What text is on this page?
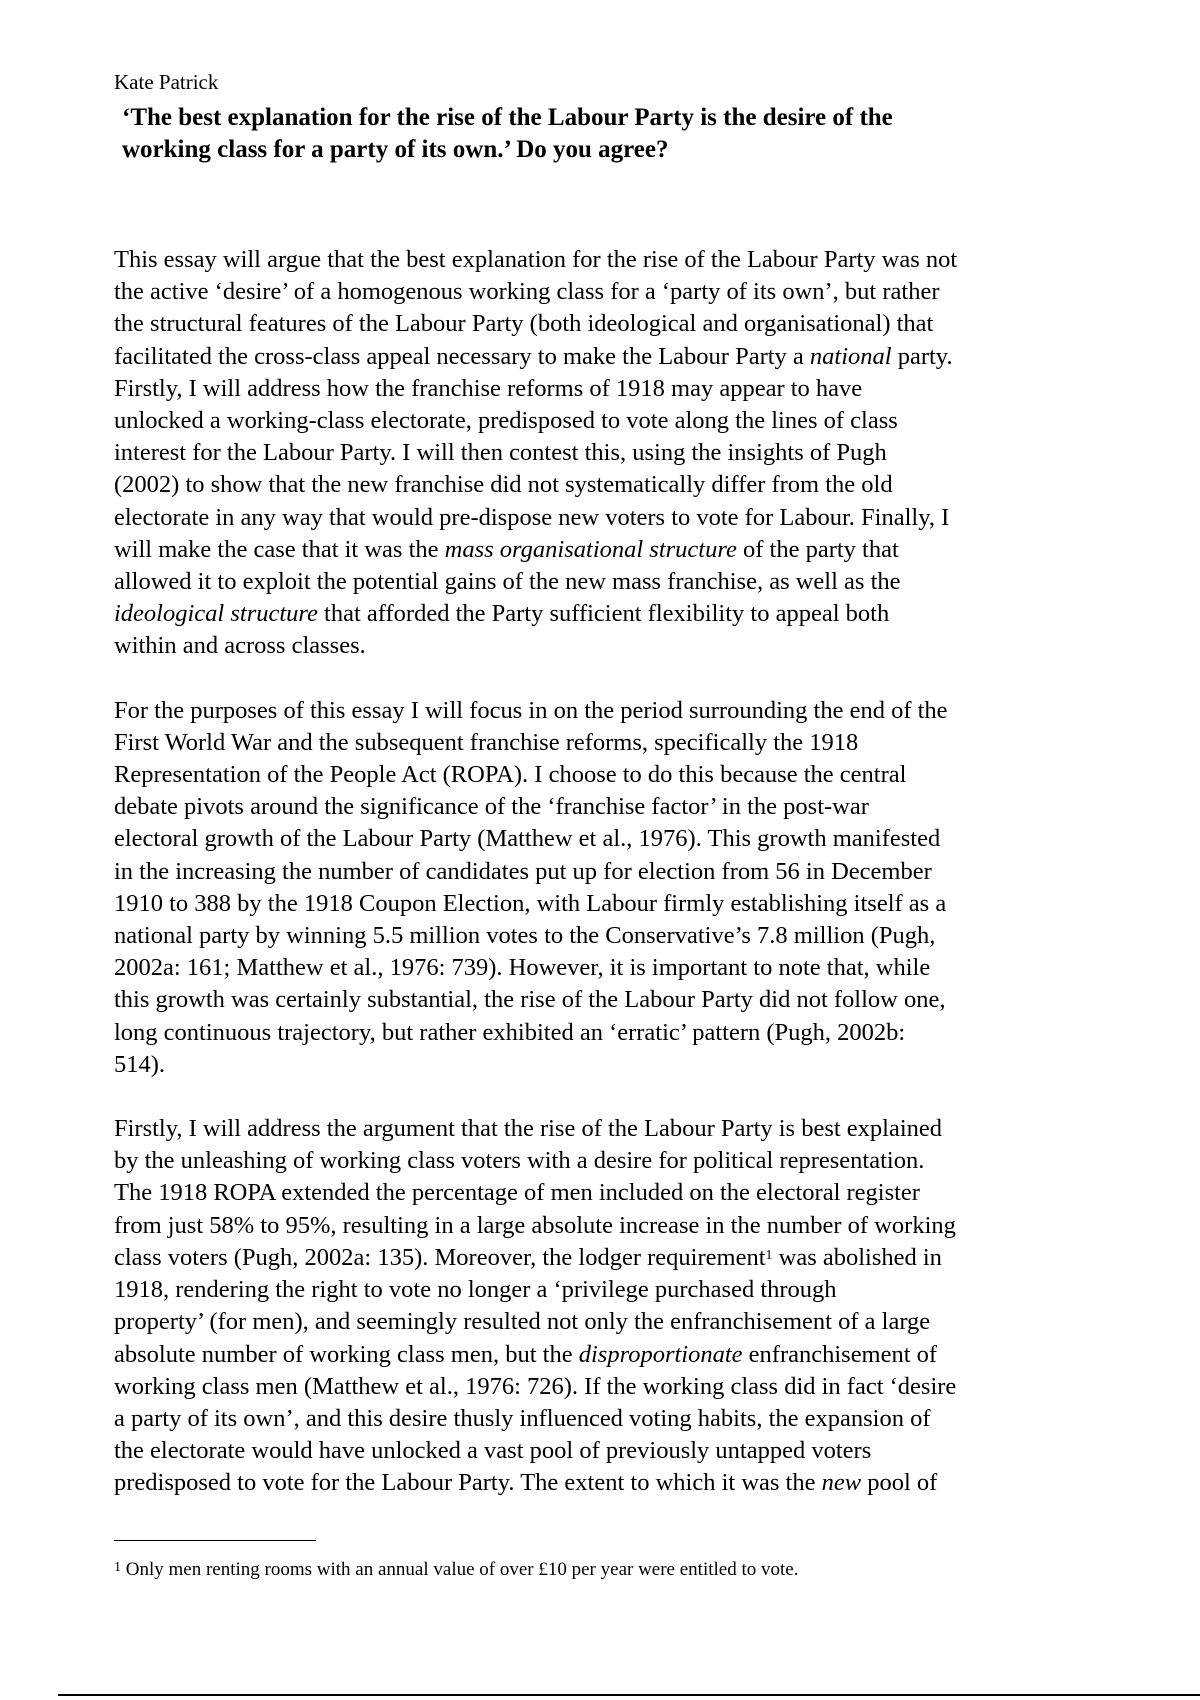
Kate Patrick
‘The best explanation for the rise of the Labour Party is the desire of the
working class for a party of its own.’ Do you agree?

This essay will argue that the best explanation for the rise of the Labour Party was not
the active ‘desire’ of a homogenous working class for a ‘party of its own’, but rather
the structural features of the Labour Party (both ideological and organisational) that
facilitated the cross-class appeal necessary to make the Labour Party a national party.
Firstly, I will address how the franchise reforms of 1918 may appear to have
unlocked a working-class electorate, predisposed to vote along the lines of class
interest for the Labour Party. I will then contest this, using the insights of Pugh
(2002) to show that the new franchise did not systematically differ from the old
electorate in any way that would pre-dispose new voters to vote for Labour. Finally, I
will make the case that it was the mass organisational structure of the party that
allowed it to exploit the potential gains of the new mass franchise, as well as the
ideological structure that afforded the Party sufficient flexibility to appeal both
within and across classes.

For the purposes of this essay I will focus in on the period surrounding the end of the
First World War and the subsequent franchise reforms, specifically the 1918
Representation of the People Act (ROPA). I choose to do this because the central
debate pivots around the significance of the ‘franchise factor’ in the post-war
electoral growth of the Labour Party (Matthew et al., 1976). This growth manifested
in the increasing the number of candidates put up for election from 56 in December
1910 to 388 by the 1918 Coupon Election, with Labour firmly establishing itself as a
national party by winning 5.5 million votes to the Conservative’s 7.8 million (Pugh,
2002a: 161; Matthew et al., 1976: 739). However, it is important to note that, while
this growth was certainly substantial, the rise of the Labour Party did not follow one,
long continuous trajectory, but rather exhibited an ‘erratic’ pattern (Pugh, 2002b:
514).

Firstly, I will address the argument that the rise of the Labour Party is best explained
by the unleashing of working class voters with a desire for political representation.
The 1918 ROPA extended the percentage of men included on the electoral register
from just 58% to 95%, resulting in a large absolute increase in the number of working
class voters (Pugh, 2002a: 135). Moreover, the lodger requirement$^1$ was abolished in
1918, rendering the right to vote no longer a ‘privilege purchased through
property’ (for men), and seemingly resulted not only the enfranchisement of a large
absolute number of working class men, but the disproportionate enfranchisement of
working class men (Matthew et al., 1976: 726). If the working class did in fact ‘desire
a party of its own’, and this desire thusly influenced voting habits, the expansion of
the electorate would have unlocked a vast pool of previously untapped voters
predisposed to vote for the Labour Party. The extent to which it was the new pool of

$^1$ Only men renting rooms with an annual value of over £10 per year were entitled to vote.
